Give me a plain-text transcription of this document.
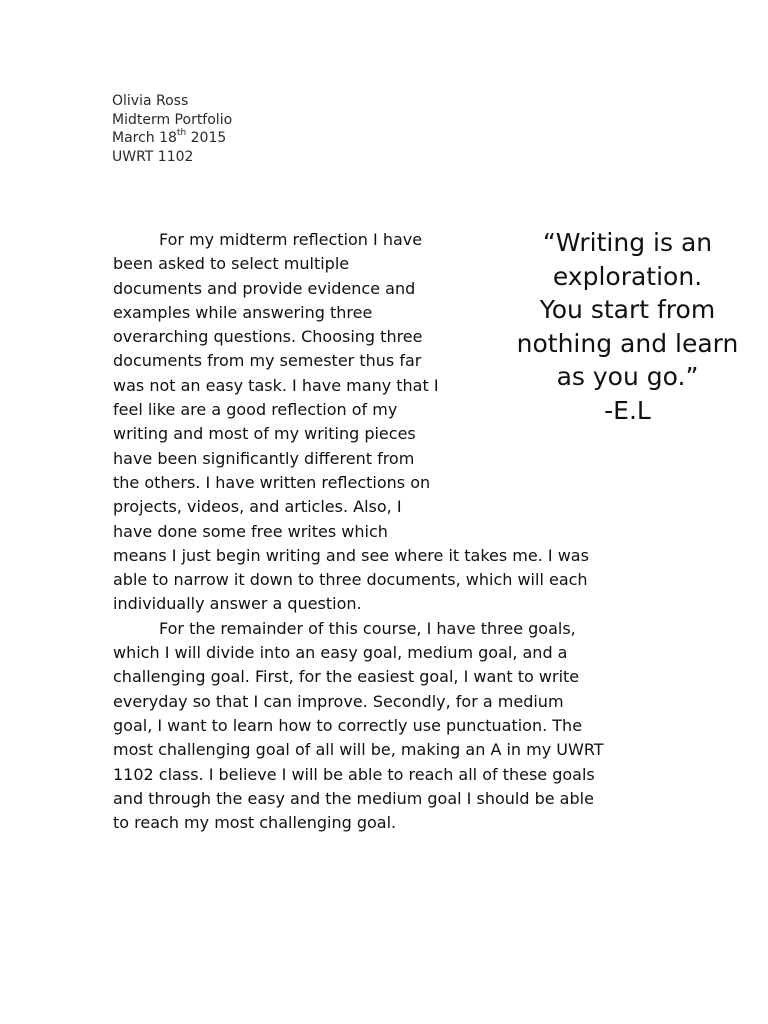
Olivia Ross
Midterm Portfolio
March 18th 2015
UWRT 1102
“Writing is an
exploration.
You start from
nothing and learn
as you go.”
-E.L
For my midterm reflection I have
been asked to select multiple
documents and provide evidence and
examples while answering three
overarching questions. Choosing three
documents from my semester thus far
was not an easy task. I have many that I
feel like are a good reflection of my
writing and most of my writing pieces
have been significantly different from
the others. I have written reflections on
projects, videos, and articles. Also, I
have done some free writes which
means I just begin writing and see where it takes me. I was
able to narrow it down to three documents, which will each
individually answer a question.
For the remainder of this course, I have three goals,
which I will divide into an easy goal, medium goal, and a
challenging goal. First, for the easiest goal, I want to write
everyday so that I can improve. Secondly, for a medium
goal, I want to learn how to correctly use punctuation. The
most challenging goal of all will be, making an A in my UWRT
1102 class. I believe I will be able to reach all of these goals
and through the easy and the medium goal I should be able
to reach my most challenging goal.
